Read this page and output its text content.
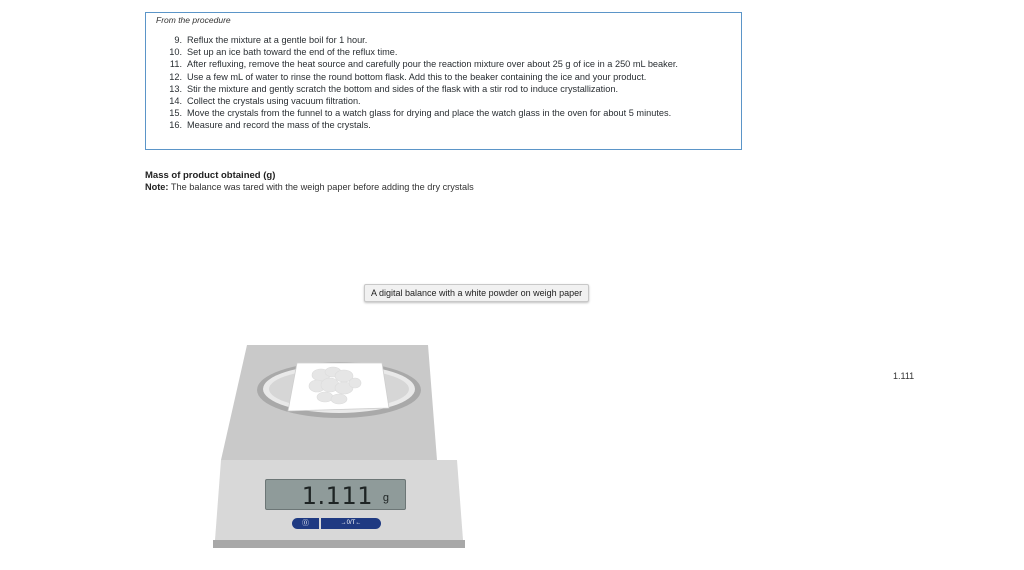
From the procedure
9. Reflux the mixture at a gentle boil for 1 hour.
10. Set up an ice bath toward the end of the reflux time.
11. After refluxing, remove the heat source and carefully pour the reaction mixture over about 25 g of ice in a 250 mL beaker.
12. Use a few mL of water to rinse the round bottom flask. Add this to the beaker containing the ice and your product.
13. Stir the mixture and gently scratch the bottom and sides of the flask with a stir rod to induce crystallization.
14. Collect the crystals using vacuum filtration.
15. Move the crystals from the funnel to a watch glass for drying and place the watch glass in the oven for about 5 minutes.
16. Measure and record the mass of the crystals.
Mass of product obtained (g)
Note: The balance was tared with the weigh paper before adding the dry crystals
A digital balance with a white powder on weigh paper
1.111
1.111 g
⓪	→0/T←
